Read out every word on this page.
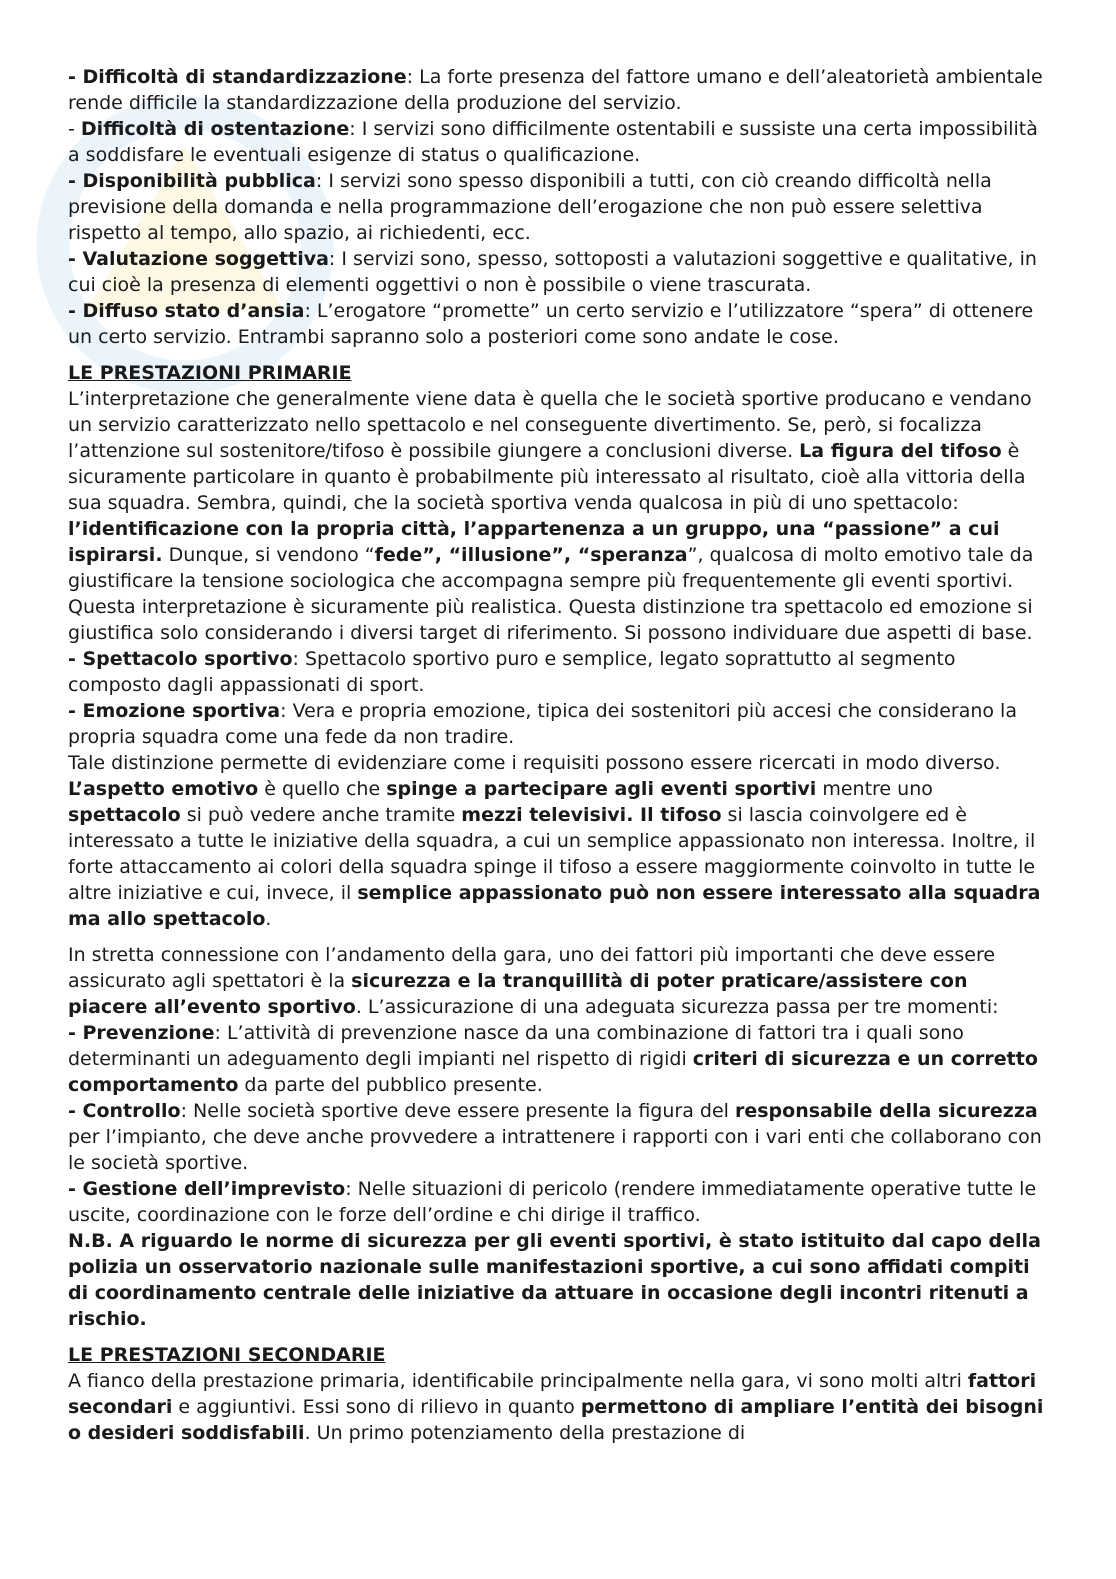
- Difficoltà di standardizzazione: La forte presenza del fattore umano e dell’aleatorietà ambientale rende difficile la standardizzazione della produzione del servizio.

- Difficoltà di ostentazione: I servizi sono difficilmente ostentabili e sussiste una certa impossibilità a soddisfare le eventuali esigenze di status o qualificazione.

- Disponibilità pubblica: I servizi sono spesso disponibili a tutti, con ciò creando difficoltà nella previsione della domanda e nella programmazione dell’erogazione che non può essere selettiva rispetto al tempo, allo spazio, ai richiedenti, ecc.

- Valutazione soggettiva: I servizi sono, spesso, sottoposti a valutazioni soggettive e qualitative, in cui cioè la presenza di elementi oggettivi o non è possibile o viene trascurata.

- Diffuso stato d’ansia: L’erogatore “promette” un certo servizio e l’utilizzatore “spera” di ottenere un certo servizio. Entrambi sapranno solo a posteriori come sono andate le cose.

LE PRESTAZIONI PRIMARIE

L’interpretazione che generalmente viene data è quella che le società sportive producano e vendano un servizio caratterizzato nello spettacolo e nel conseguente divertimento. Se, però, si focalizza l’attenzione sul sostenitore/tifoso è possibile giungere a conclusioni diverse. La figura del tifoso è sicuramente particolare in quanto è probabilmente più interessato al risultato, cioè alla vittoria della sua squadra. Sembra, quindi, che la società sportiva venda qualcosa in più di uno spettacolo: l’identificazione con la propria città, l’appartenenza a un gruppo, una “passione” a cui ispirarsi. Dunque, si vendono “fede”, “illusione”, “speranza”, qualcosa di molto emotivo tale da giustificare la tensione sociologica che accompagna sempre più frequentemente gli eventi sportivi. Questa interpretazione è sicuramente più realistica. Questa distinzione tra spettacolo ed emozione si giustifica solo considerando i diversi target di riferimento. Si possono individuare due aspetti di base.

- Spettacolo sportivo: Spettacolo sportivo puro e semplice, legato soprattutto al segmento composto dagli appassionati di sport.

- Emozione sportiva: Vera e propria emozione, tipica dei sostenitori più accesi che considerano la propria squadra come una fede da non tradire.

Tale distinzione permette di evidenziare come i requisiti possono essere ricercati in modo diverso. L’aspetto emotivo è quello che spinge a partecipare agli eventi sportivi mentre uno spettacolo si può vedere anche tramite mezzi televisivi. Il tifoso si lascia coinvolgere ed è interessato a tutte le iniziative della squadra, a cui un semplice appassionato non interessa. Inoltre, il forte attaccamento ai colori della squadra spinge il tifoso a essere maggiormente coinvolto in tutte le altre iniziative e cui, invece, il semplice appassionato può non essere interessato alla squadra ma allo spettacolo.

In stretta connessione con l’andamento della gara, uno dei fattori più importanti che deve essere assicurato agli spettatori è la sicurezza e la tranquillità di poter praticare/assistere con piacere all’evento sportivo. L’assicurazione di una adeguata sicurezza passa per tre momenti:

- Prevenzione: L’attività di prevenzione nasce da una combinazione di fattori tra i quali sono determinanti un adeguamento degli impianti nel rispetto di rigidi criteri di sicurezza e un corretto comportamento da parte del pubblico presente.

- Controllo: Nelle società sportive deve essere presente la figura del responsabile della sicurezza per l’impianto, che deve anche provvedere a intrattenere i rapporti con i vari enti che collaborano con le società sportive.

- Gestione dell’imprevisto: Nelle situazioni di pericolo (rendere immediatamente operative tutte le uscite, coordinazione con le forze dell’ordine e chi dirige il traffico.

N.B. A riguardo le norme di sicurezza per gli eventi sportivi, è stato istituito dal capo della polizia un osservatorio nazionale sulle manifestazioni sportive, a cui sono affidati compiti di coordinamento centrale delle iniziative da attuare in occasione degli incontri ritenuti a rischio.

LE PRESTAZIONI SECONDARIE

A fianco della prestazione primaria, identificabile principalmente nella gara, vi sono molti altri fattori secondari e aggiuntivi. Essi sono di rilievo in quanto permettono di ampliare l’entità dei bisogni o desideri soddisfabili. Un primo potenziamento della prestazione di
